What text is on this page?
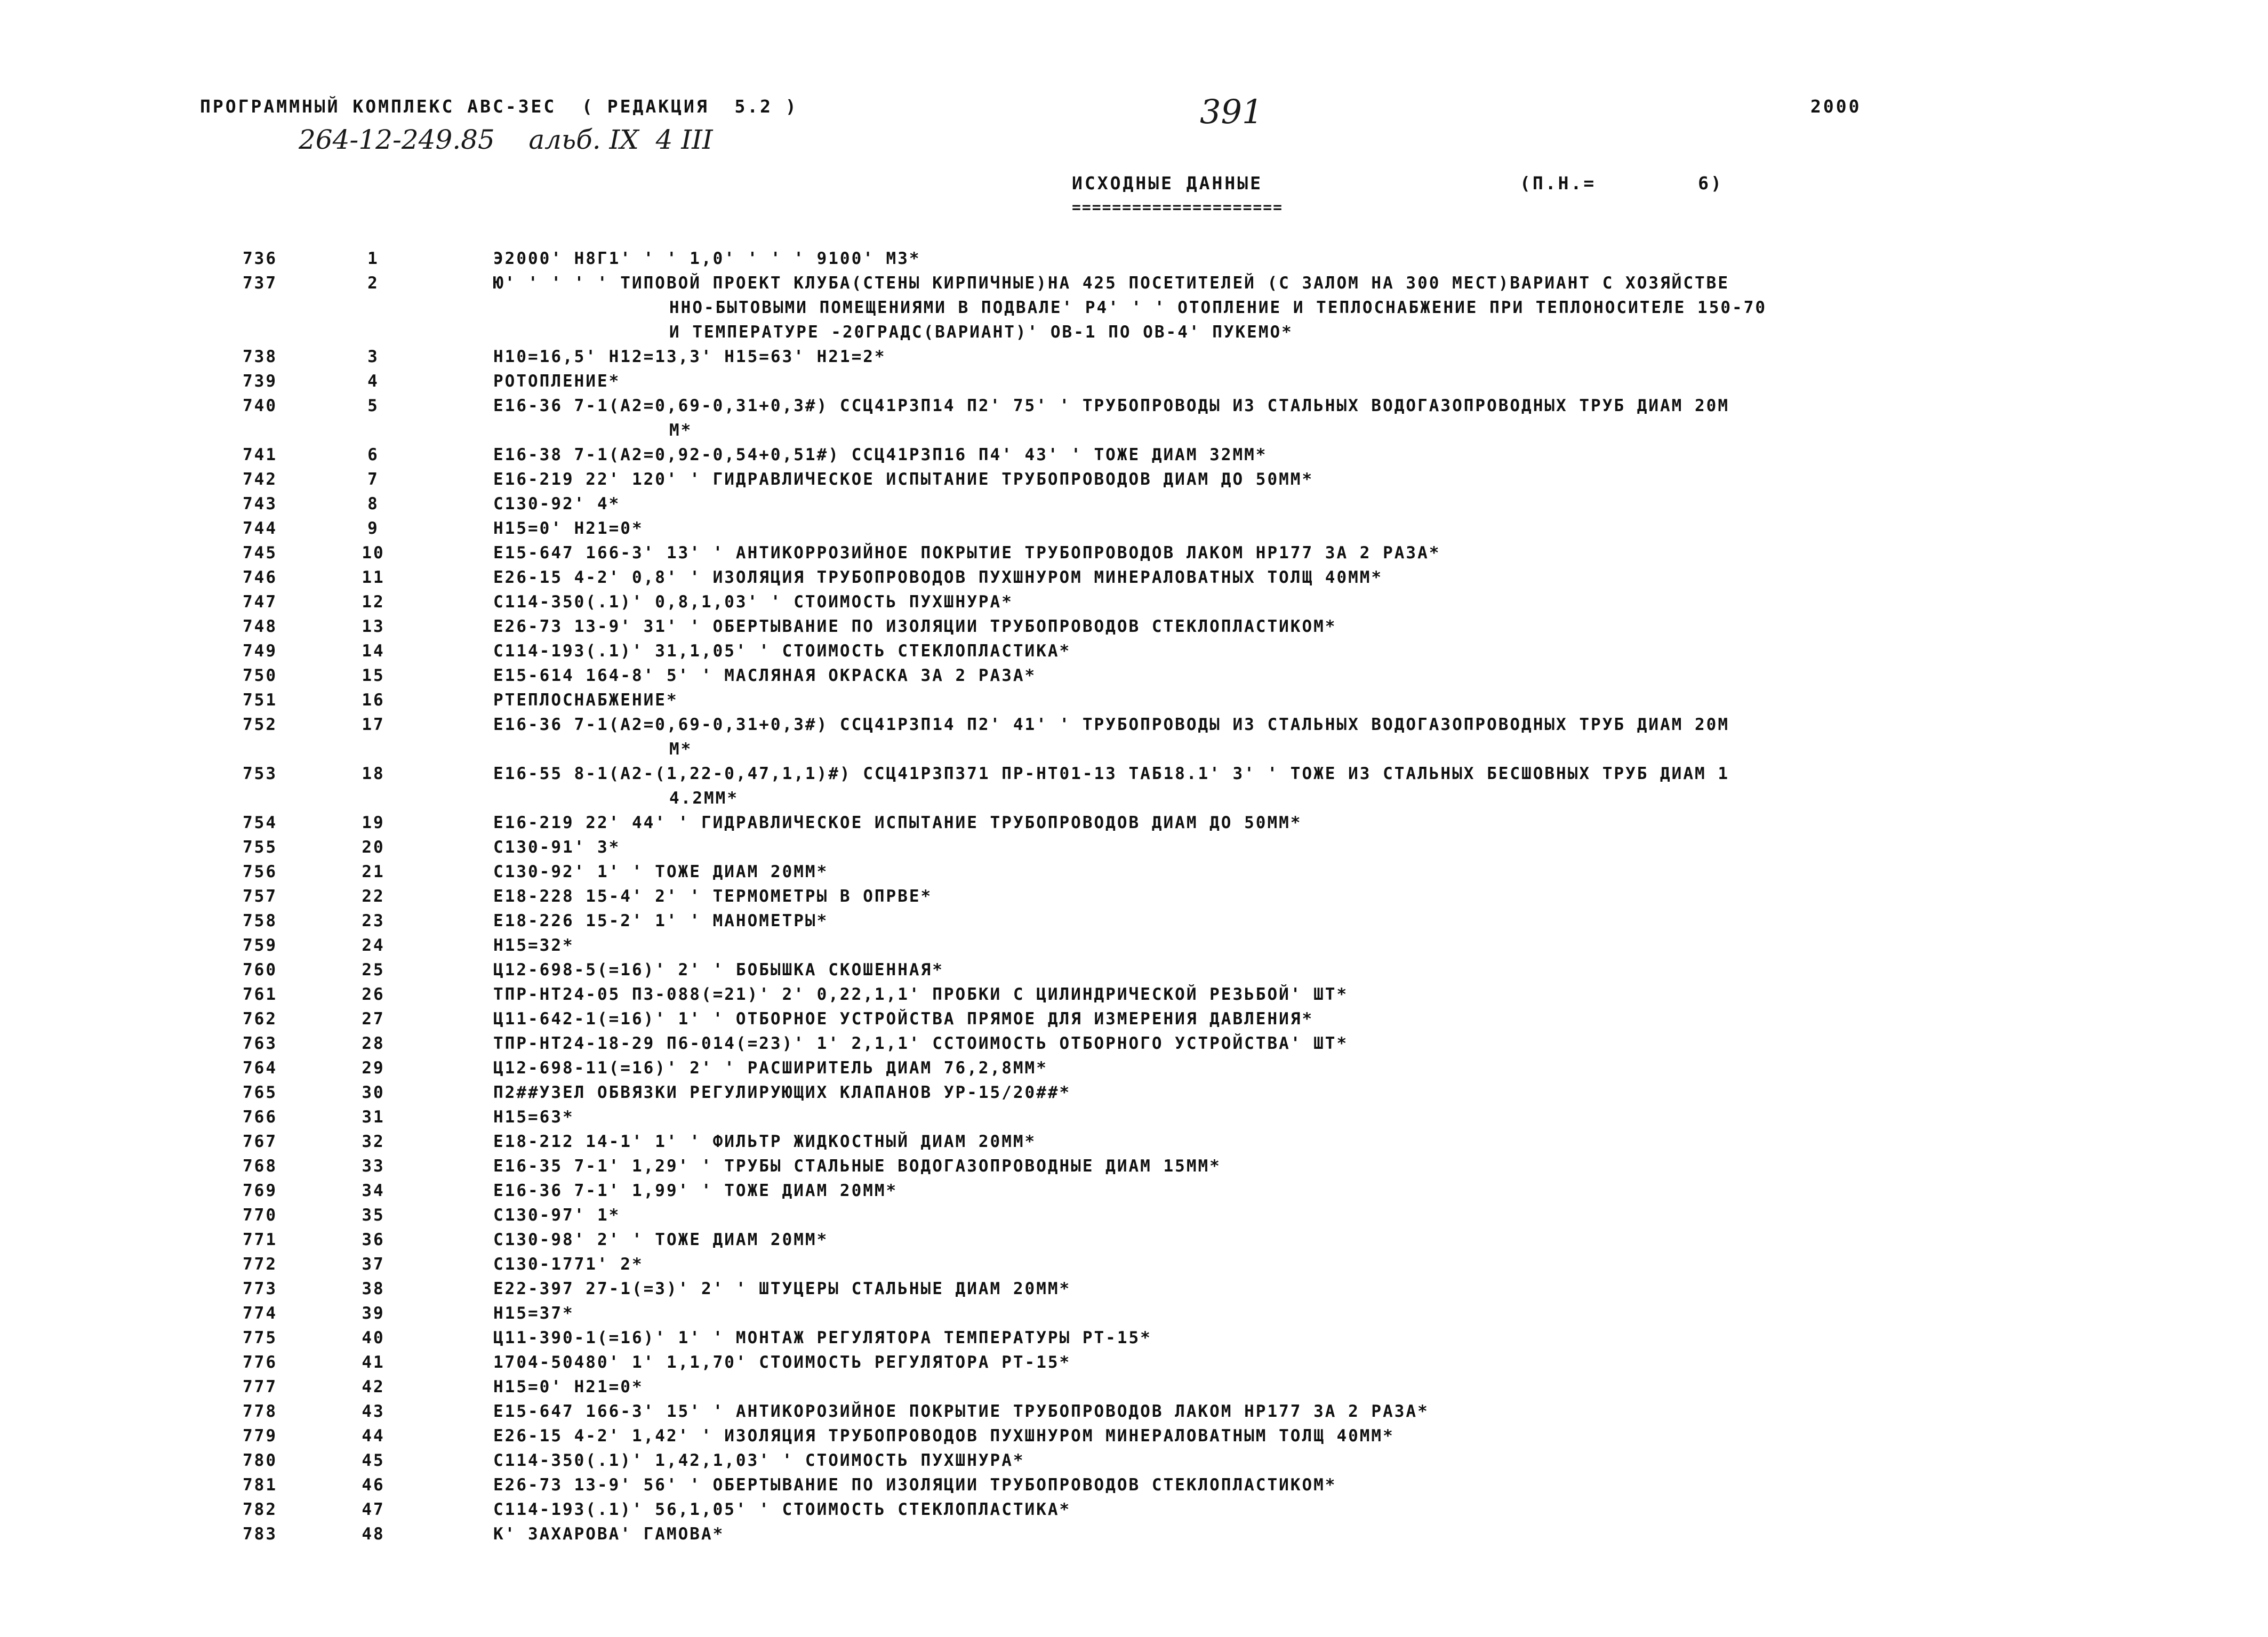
ПРОГРАММНЫЙ КОМПЛЕКС АВС-ЗЕС  ( РЕДАКЦИЯ  5.2 )
264-12-249.85    альб. IX  4 III
391	2000
ИСХОДНЫЕ ДАННЫЕ
=====================
(П.Н.=        6)
736	1	Э2000' Н8Г1' ' ' 1,0' ' ' ' 9100' МЗ*
737	2	Ю' ' ' ' ' ТИПОВОЙ ПРОЕКТ КЛУБА(СТЕНЫ КИРПИЧНЫЕ)НА 425 ПОСЕТИТЕЛЕЙ (С ЗАЛОМ НА 300 МЕСТ)ВАРИАНТ С ХОЗЯЙСТВЕ
ННО-БЫТОВЫМИ ПОМЕЩЕНИЯМИ В ПОДВАЛЕ' Р4' ' ' ОТОПЛЕНИЕ И ТЕПЛОСНАБЖЕНИЕ ПРИ ТЕПЛОНОСИТЕЛЕ 150-70
И ТЕМПЕРАТУРЕ -20ГРАДС(ВАРИАНТ)' ОВ-1 ПО ОВ-4' ПУКЕМО*
738	3	Н10=16,5' Н12=13,3' Н15=63' Н21=2*
739	4	РОТОПЛЕНИЕ*
740	5	Е16-36 7-1(А2=0,69-0,31+0,3#) ССЦ41Р3П14 П2' 75' ' ТРУБОПРОВОДЫ ИЗ СТАЛЬНЫХ ВОДОГАЗОПРОВОДНЫХ ТРУБ ДИАМ 20М
М*
741	6	Е16-38 7-1(А2=0,92-0,54+0,51#) ССЦ41Р3П16 П4' 43' ' ТОЖЕ ДИАМ 32ММ*
742	7	Е16-219 22' 120' ' ГИДРАВЛИЧЕСКОЕ ИСПЫТАНИЕ ТРУБОПРОВОДОВ ДИАМ ДО 50ММ*
743	8	С130-92' 4*
744	9	Н15=0' Н21=0*
745	10	Е15-647 166-3' 13' ' АНТИКОРРОЗИЙНОЕ ПОКРЫТИЕ ТРУБОПРОВОДОВ ЛАКОМ НР177 ЗА 2 РАЗА*
746	11	Е26-15 4-2' 0,8' ' ИЗОЛЯЦИЯ ТРУБОПРОВОДОВ ПУХШНУРОМ МИНЕРАЛОВАТНЫХ ТОЛЩ 40ММ*
747	12	С114-350(.1)' 0,8,1,03' ' СТОИМОСТЬ ПУХШНУРА*
748	13	Е26-73 13-9' 31' ' ОБЕРТЫВАНИЕ ПО ИЗОЛЯЦИИ ТРУБОПРОВОДОВ СТЕКЛОПЛАСТИКОМ*
749	14	С114-193(.1)' 31,1,05' ' СТОИМОСТЬ СТЕКЛОПЛАСТИКА*
750	15	Е15-614 164-8' 5' ' МАСЛЯНАЯ ОКРАСКА ЗА 2 РАЗА*
751	16	РТЕПЛОСНАБЖЕНИЕ*
752	17	Е16-36 7-1(А2=0,69-0,31+0,3#) ССЦ41Р3П14 П2' 41' ' ТРУБОПРОВОДЫ ИЗ СТАЛЬНЫХ ВОДОГАЗОПРОВОДНЫХ ТРУБ ДИАМ 20М
М*
753	18	Е16-55 8-1(А2-(1,22-0,47,1,1)#) ССЦ41Р3П371 ПР-НТ01-13 ТАБ18.1' 3' ' ТОЖЕ ИЗ СТАЛЬНЫХ БЕСШОВНЫХ ТРУБ ДИАМ 1
4.2ММ*
754	19	Е16-219 22' 44' ' ГИДРАВЛИЧЕСКОЕ ИСПЫТАНИЕ ТРУБОПРОВОДОВ ДИАМ ДО 50ММ*
755	20	С130-91' 3*
756	21	С130-92' 1' ' ТОЖЕ ДИАМ 20ММ*
757	22	Е18-228 15-4' 2' ' ТЕРМОМЕТРЫ В ОПРВЕ*
758	23	Е18-226 15-2' 1' ' МАНОМЕТРЫ*
759	24	Н15=32*
760	25	Ц12-698-5(=16)' 2' ' БОБЫШКА СКОШЕННАЯ*
761	26	ТПР-НТ24-05 П3-088(=21)' 2' 0,22,1,1' ПРОБКИ С ЦИЛИНДРИЧЕСКОЙ РЕЗЬБОЙ' ШТ*
762	27	Ц11-642-1(=16)' 1' ' ОТБОРНОЕ УСТРОЙСТВА ПРЯМОЕ ДЛЯ ИЗМЕРЕНИЯ ДАВЛЕНИЯ*
763	28	ТПР-НТ24-18-29 П6-014(=23)' 1' 2,1,1' ССТОИМОСТЬ ОТБОРНОГО УСТРОЙСТВА' ШТ*
764	29	Ц12-698-11(=16)' 2' ' РАСШИРИТЕЛЬ ДИАМ 76,2,8ММ*
765	30	П2##УЗЕЛ ОБВЯЗКИ РЕГУЛИРУЮЩИХ КЛАПАНОВ УР-15/20##*
766	31	Н15=63*
767	32	Е18-212 14-1' 1' ' ФИЛЬТР ЖИДКОСТНЫЙ ДИАМ 20ММ*
768	33	Е16-35 7-1' 1,29' ' ТРУБЫ СТАЛЬНЫЕ ВОДОГАЗОПРОВОДНЫЕ ДИАМ 15ММ*
769	34	Е16-36 7-1' 1,99' ' ТОЖЕ ДИАМ 20ММ*
770	35	С130-97' 1*
771	36	С130-98' 2' ' ТОЖЕ ДИАМ 20ММ*
772	37	С130-1771' 2*
773	38	Е22-397 27-1(=3)' 2' ' ШТУЦЕРЫ СТАЛЬНЫЕ ДИАМ 20ММ*
774	39	Н15=37*
775	40	Ц11-390-1(=16)' 1' ' МОНТАЖ РЕГУЛЯТОРА ТЕМПЕРАТУРЫ РТ-15*
776	41	1704-50480' 1' 1,1,70' СТОИМОСТЬ РЕГУЛЯТОРА РТ-15*
777	42	Н15=0' Н21=0*
778	43	Е15-647 166-3' 15' ' АНТИКОРОЗИЙНОЕ ПОКРЫТИЕ ТРУБОПРОВОДОВ ЛАКОМ НР177 ЗА 2 РАЗА*
779	44	Е26-15 4-2' 1,42' ' ИЗОЛЯЦИЯ ТРУБОПРОВОДОВ ПУХШНУРОМ МИНЕРАЛОВАТНЫМ ТОЛЩ 40ММ*
780	45	С114-350(.1)' 1,42,1,03' ' СТОИМОСТЬ ПУХШНУРА*
781	46	Е26-73 13-9' 56' ' ОБЕРТЫВАНИЕ ПО ИЗОЛЯЦИИ ТРУБОПРОВОДОВ СТЕКЛОПЛАСТИКОМ*
782	47	С114-193(.1)' 56,1,05' ' СТОИМОСТЬ СТЕКЛОПЛАСТИКА*
783	48	К' ЗАХАРОВА' ГАМОВА*
